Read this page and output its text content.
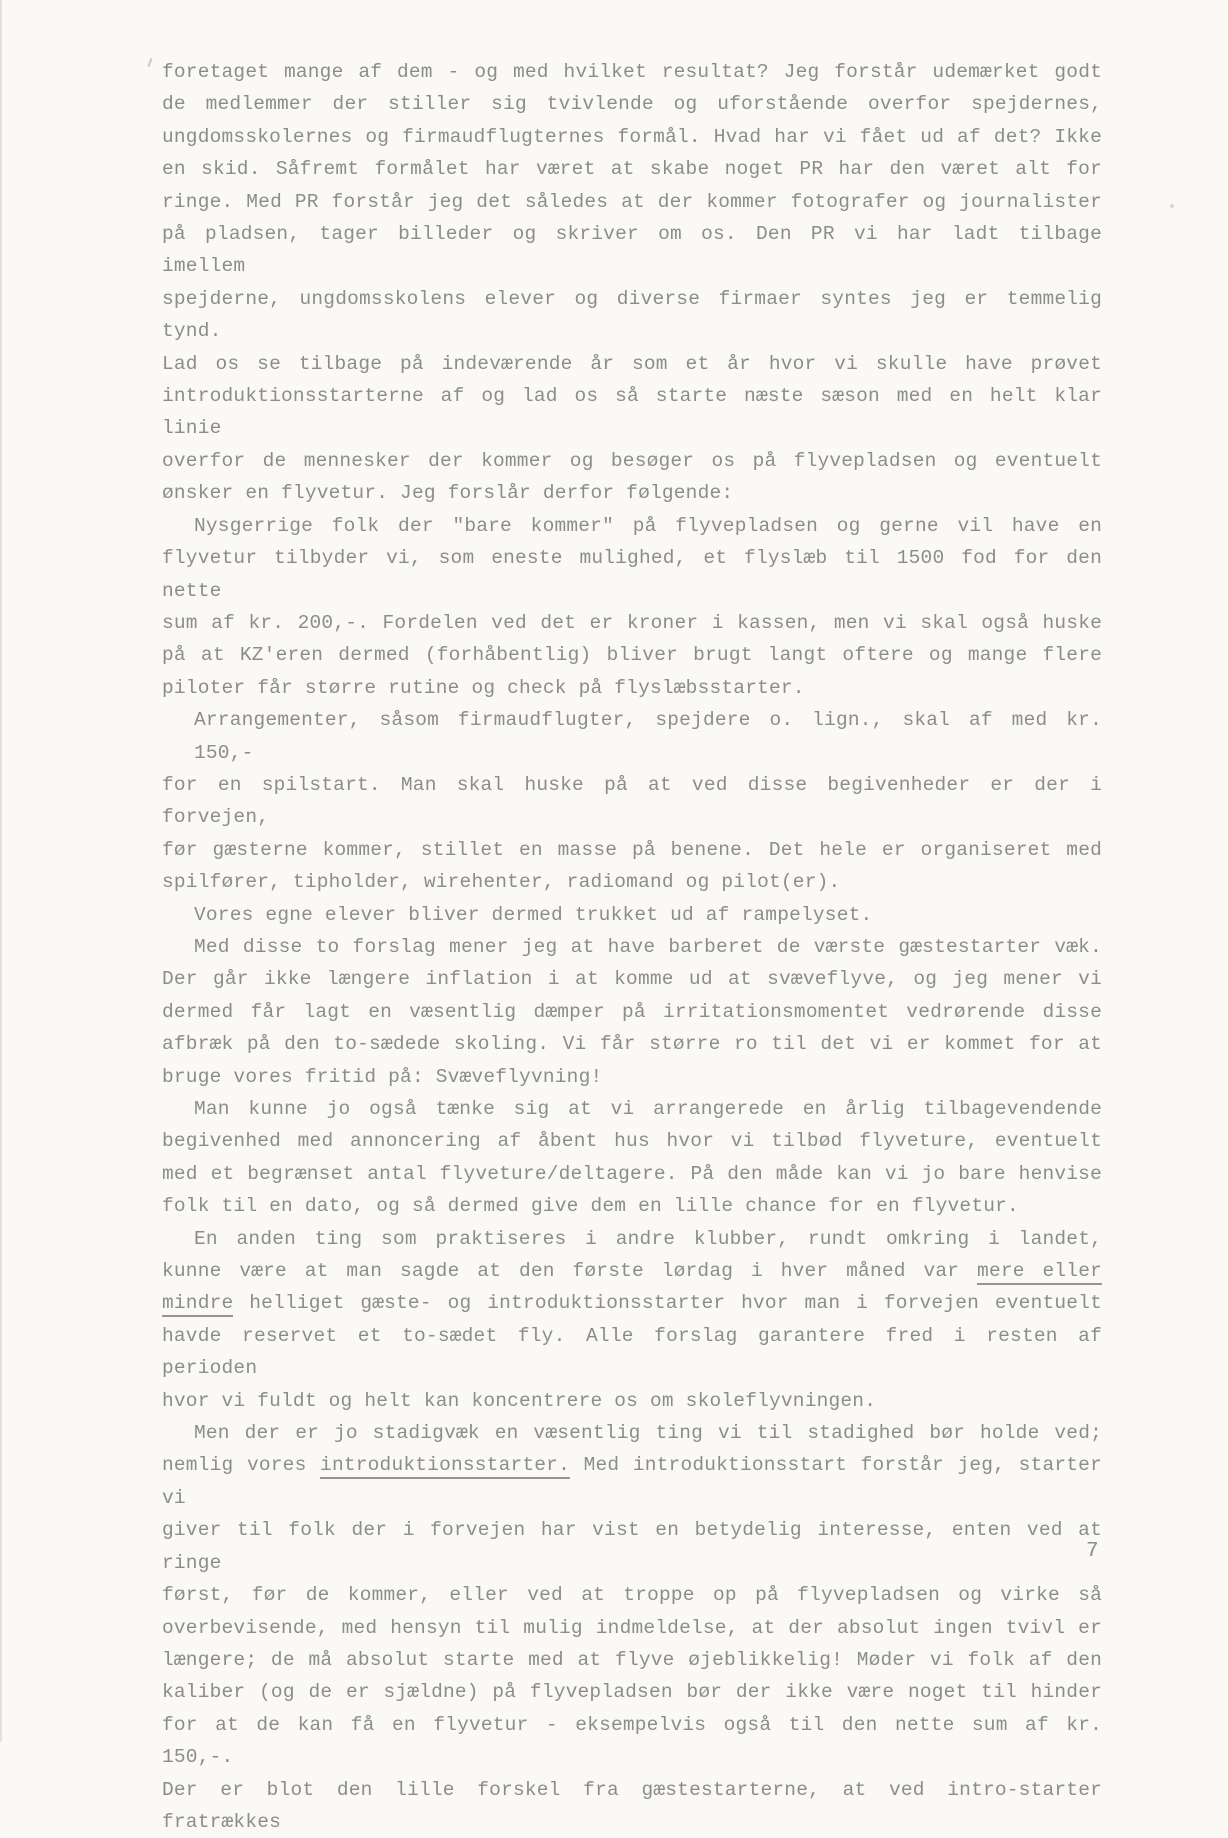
foretaget mange af dem - og med hvilket resultat? Jeg forstår udemærket godt
de medlemmer der stiller sig tvivlende og uforstående overfor spejdernes,
ungdomsskolernes og firmaudflugternes formål. Hvad har vi fået ud af det? Ikke
en skid. Såfremt formålet har været at skabe noget PR har den været alt for
ringe. Med PR forstår jeg det således at der kommer fotografer og journalister
på pladsen, tager billeder og skriver om os. Den PR vi har ladt tilbage imellem
spejderne, ungdomsskolens elever og diverse firmaer syntes jeg er temmelig tynd.
Lad os se tilbage på indeværende år som et år hvor vi skulle have prøvet
introduktionsstarterne af og lad os så starte næste sæson med en helt klar linie
overfor de mennesker der kommer og besøger os på flyvepladsen og eventuelt
ønsker en flyvetur. Jeg forslår derfor følgende:
Nysgerrige folk der "bare kommer" på flyvepladsen og gerne vil have en
flyvetur tilbyder vi, som eneste mulighed, et flyslæb til 1500 fod for den nette
sum af kr. 200,-. Fordelen ved det er kroner i kassen, men vi skal også huske
på at KZ'eren dermed (forhåbentlig) bliver brugt langt oftere og mange flere
piloter får større rutine og check på flyslæbsstarter.
Arrangementer, såsom firmaudflugter, spejdere o. lign., skal af med kr. 150,-
for en spilstart. Man skal huske på at ved disse begivenheder er der i forvejen,
før gæsterne kommer, stillet en masse på benene. Det hele er organiseret med
spilfører, tipholder, wirehenter, radiomand og pilot(er).
Vores egne elever bliver dermed trukket ud af rampelyset.
Med disse to forslag mener jeg at have barberet de værste gæstestarter væk.
Der går ikke længere inflation i at komme ud at svæveflyve, og jeg mener vi
dermed får lagt en væsentlig dæmper på irritationsmomentet vedrørende disse
afbræk på den to-sædede skoling. Vi får større ro til det vi er kommet for at
bruge vores fritid på: Svæveflyvning!
Man kunne jo også tænke sig at vi arrangerede en årlig tilbagevendende
begivenhed med annoncering af åbent hus hvor vi tilbød flyveture, eventuelt
med et begrænset antal flyveture/deltagere. På den måde kan vi jo bare henvise
folk til en dato, og så dermed give dem en lille chance for en flyvetur.
En anden ting som praktiseres i andre klubber, rundt omkring i landet,
kunne være at man sagde at den første lørdag i hver måned var mere eller
mindre helliget gæste- og introduktionsstarter hvor man i forvejen eventuelt
havde reservet et to-sædet fly. Alle forslag garantere fred i resten af perioden
hvor vi fuldt og helt kan koncentrere os om skoleflyvningen.
Men der er jo stadigvæk en væsentlig ting vi til stadighed bør holde ved;
nemlig vores introduktionsstarter. Med introduktionsstart forstår jeg, starter vi
giver til folk der i forvejen har vist en betydelig interesse, enten ved at ringe
først, før de kommer, eller ved at troppe op på flyvepladsen og virke så
overbevisende, med hensyn til mulig indmeldelse, at der absolut ingen tvivl er
længere; de må absolut starte med at flyve øjeblikkelig! Møder vi folk af den
kaliber (og de er sjældne) på flyvepladsen bør der ikke være noget til hinder
for at de kan få en flyvetur - eksempelvis også til den nette sum af kr. 150,-.
Der er blot den lille forskel fra gæstestarterne, at ved intro-starter fratrækkes
7
